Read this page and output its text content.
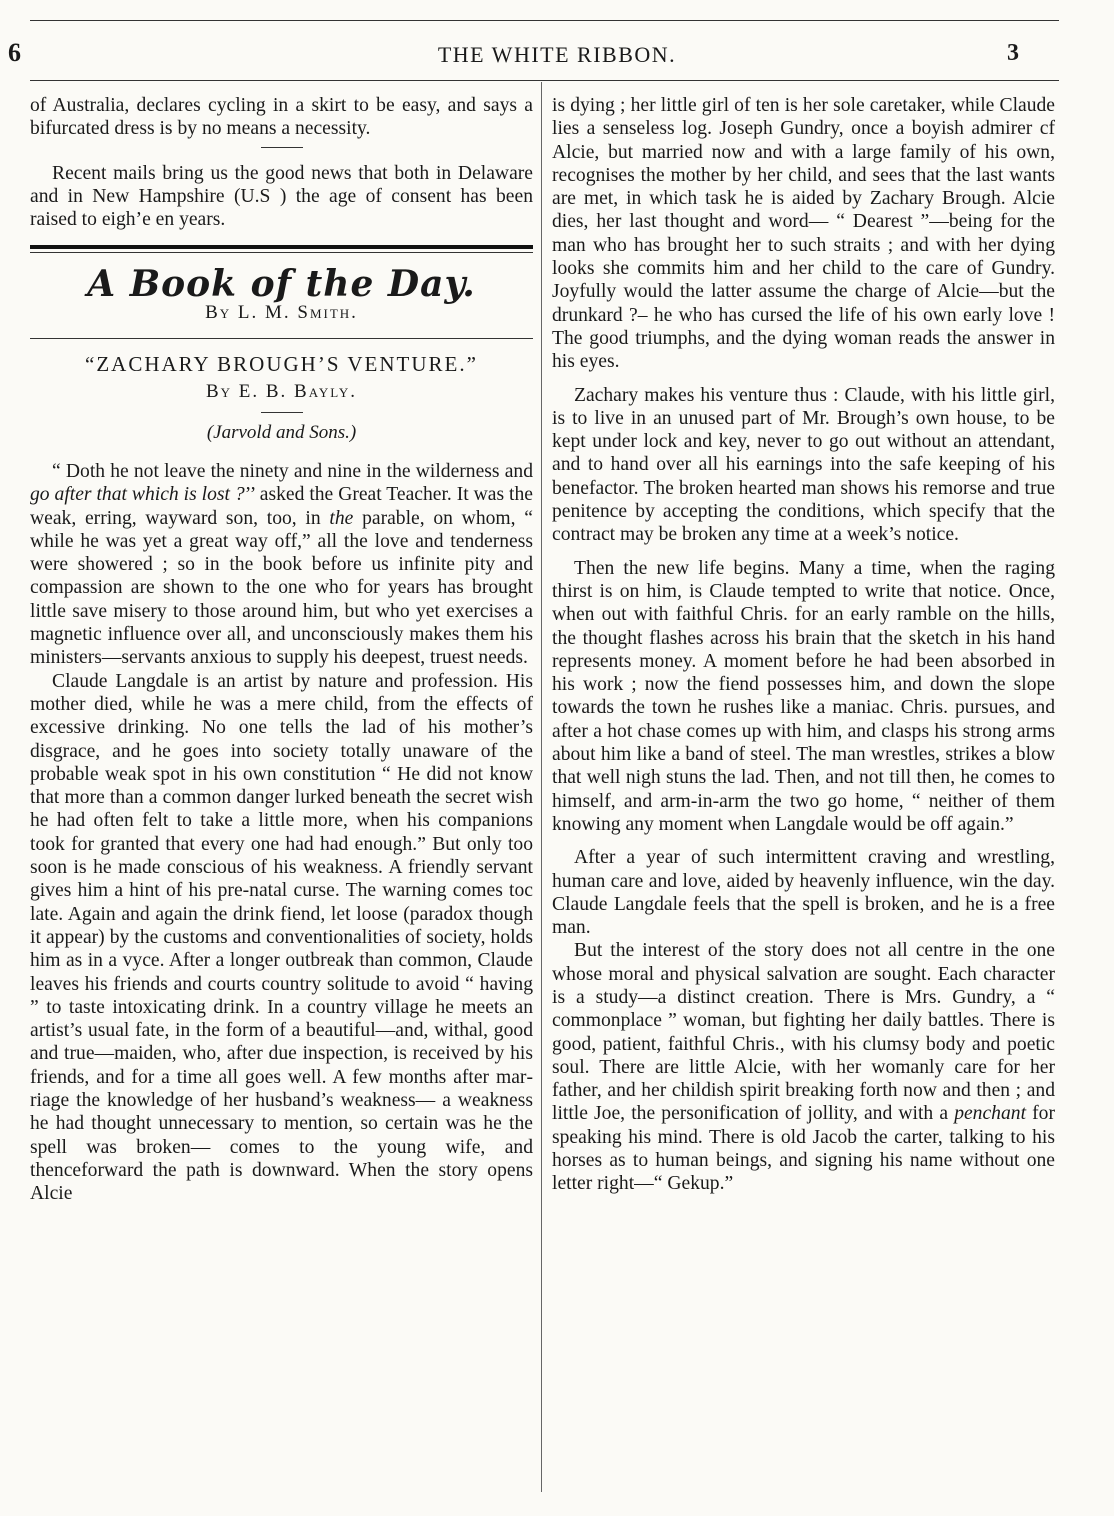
6	THE WHITE RIBBON.	3

of Australia, declares cycling in a skirt to be easy, and says a bifurcated dress is by no means a necessity.

Recent mails bring us the good news that both in Delaware and in New Hampshire (U.S ) the age of consent has been raised to eigh’e en years.

A Book of the Day.
By L. M. Smith.
“ZACHARY BROUGH’S VENTURE.”
By E. B. Bayly.
(Jarvold and Sons.)

“ Doth he not leave the ninety and nine in the wilderness and go after that which is lost ?’’ asked the Great Teacher. It was the weak, erring, wayward son, too, in the parable, on whom, “ while he was yet a great way off,” all the love and tenderness were showered ; so in the book before us infinite pity and compassion are shown to the one who for years has brought little save misery to those around him, but who yet exercises a magnetic influence over all, and unconsciously makes them his ministers—servants anxious to supply his deepest, truest needs.

Claude Langdale is an artist by nature and profession. His mother died, while he was a mere child, from the effects of excessive drinking. No one tells the lad of his mother’s disgrace, and he goes into society totally unaware of the probable weak spot in his own constitution “ He did not know that more than a common danger lurked beneath the secret wish he had often felt to take a little more, when his companions took for granted that every one had had enough.” But only too soon is he made conscious of his weakness. A friendly servant gives him a hint of his pre-natal curse. The warning comes toc late. Again and again the drink fiend, let loose (paradox though it appear) by the customs and conventionalities of society, holds him as in a vyce. After a longer outbreak than common, Claude leaves his friends and courts country solitude to avoid “ having ” to taste intoxicating drink. In a country village he meets an artist’s usual fate, in the form of a beautiful—and, withal, good and true—maiden, who, after due inspection, is received by his friends, and for a time all goes well. A few months after marriage the knowledge of her husband’s weakness— a weakness he had thought unnecessary to mention, so certain was he the spell was broken— comes to the young wife, and thenceforward the path is downward. When the story opens Alcie

is dying ; her little girl of ten is her sole caretaker, while Claude lies a senseless log. Joseph Gundry, once a boyish admirer cf Alcie, but married now and with a large family of his own, recognises the mother by her child, and sees that the last wants are met, in which task he is aided by Zachary Brough. Alcie dies, her last thought and word— “ Dearest ”—being for the man who has brought her to such straits ; and with her dying looks she commits him and her child to the care of Gundry. Joyfully would the latter assume the charge of Alcie—but the drunkard ?– he who has cursed the life of his own early love ! The good triumphs, and the dying woman reads the answer in his eyes.

Zachary makes his venture thus : Claude, with his little girl, is to live in an unused part of Mr. Brough’s own house, to be kept under lock and key, never to go out without an attendant, and to hand over all his earnings into the safe keeping of his benefactor. The broken hearted man shows his remorse and true penitence by accepting the conditions, which specify that the contract may be broken any time at a week’s notice.

Then the new life begins. Many a time, when the raging thirst is on him, is Claude tempted to write that notice. Once, when out with faithful Chris. for an early ramble on the hills, the thought flashes across his brain that the sketch in his hand represents money. A moment before he had been absorbed in his work ; now the fiend possesses him, and down the slope towards the town he rushes like a maniac. Chris. pursues, and after a hot chase comes up with him, and clasps his strong arms about him like a band of steel. The man wrestles, strikes a blow that well nigh stuns the lad. Then, and not till then, he comes to himself, and arm-in-arm the two go home, “ neither of them knowing any moment when Langdale would be off again.”

After a year of such intermittent craving and wrestling, human care and love, aided by heavenly influence, win the day. Claude Langdale feels that the spell is broken, and he is a free man.

But the interest of the story does not all centre in the one whose moral and physical salvation are sought. Each character is a study—a distinct creation. There is Mrs. Gundry, a “ commonplace ” woman, but fighting her daily battles. There is good, patient, faithful Chris., with his clumsy body and poetic soul. There are little Alcie, with her womanly care for her father, and her childish spirit breaking forth now and then ; and little Joe, the personification of jollity, and with a penchant for speaking his mind. There is old Jacob the carter, talking to his horses as to human beings, and signing his name without one letter right—“ Gekup.”
